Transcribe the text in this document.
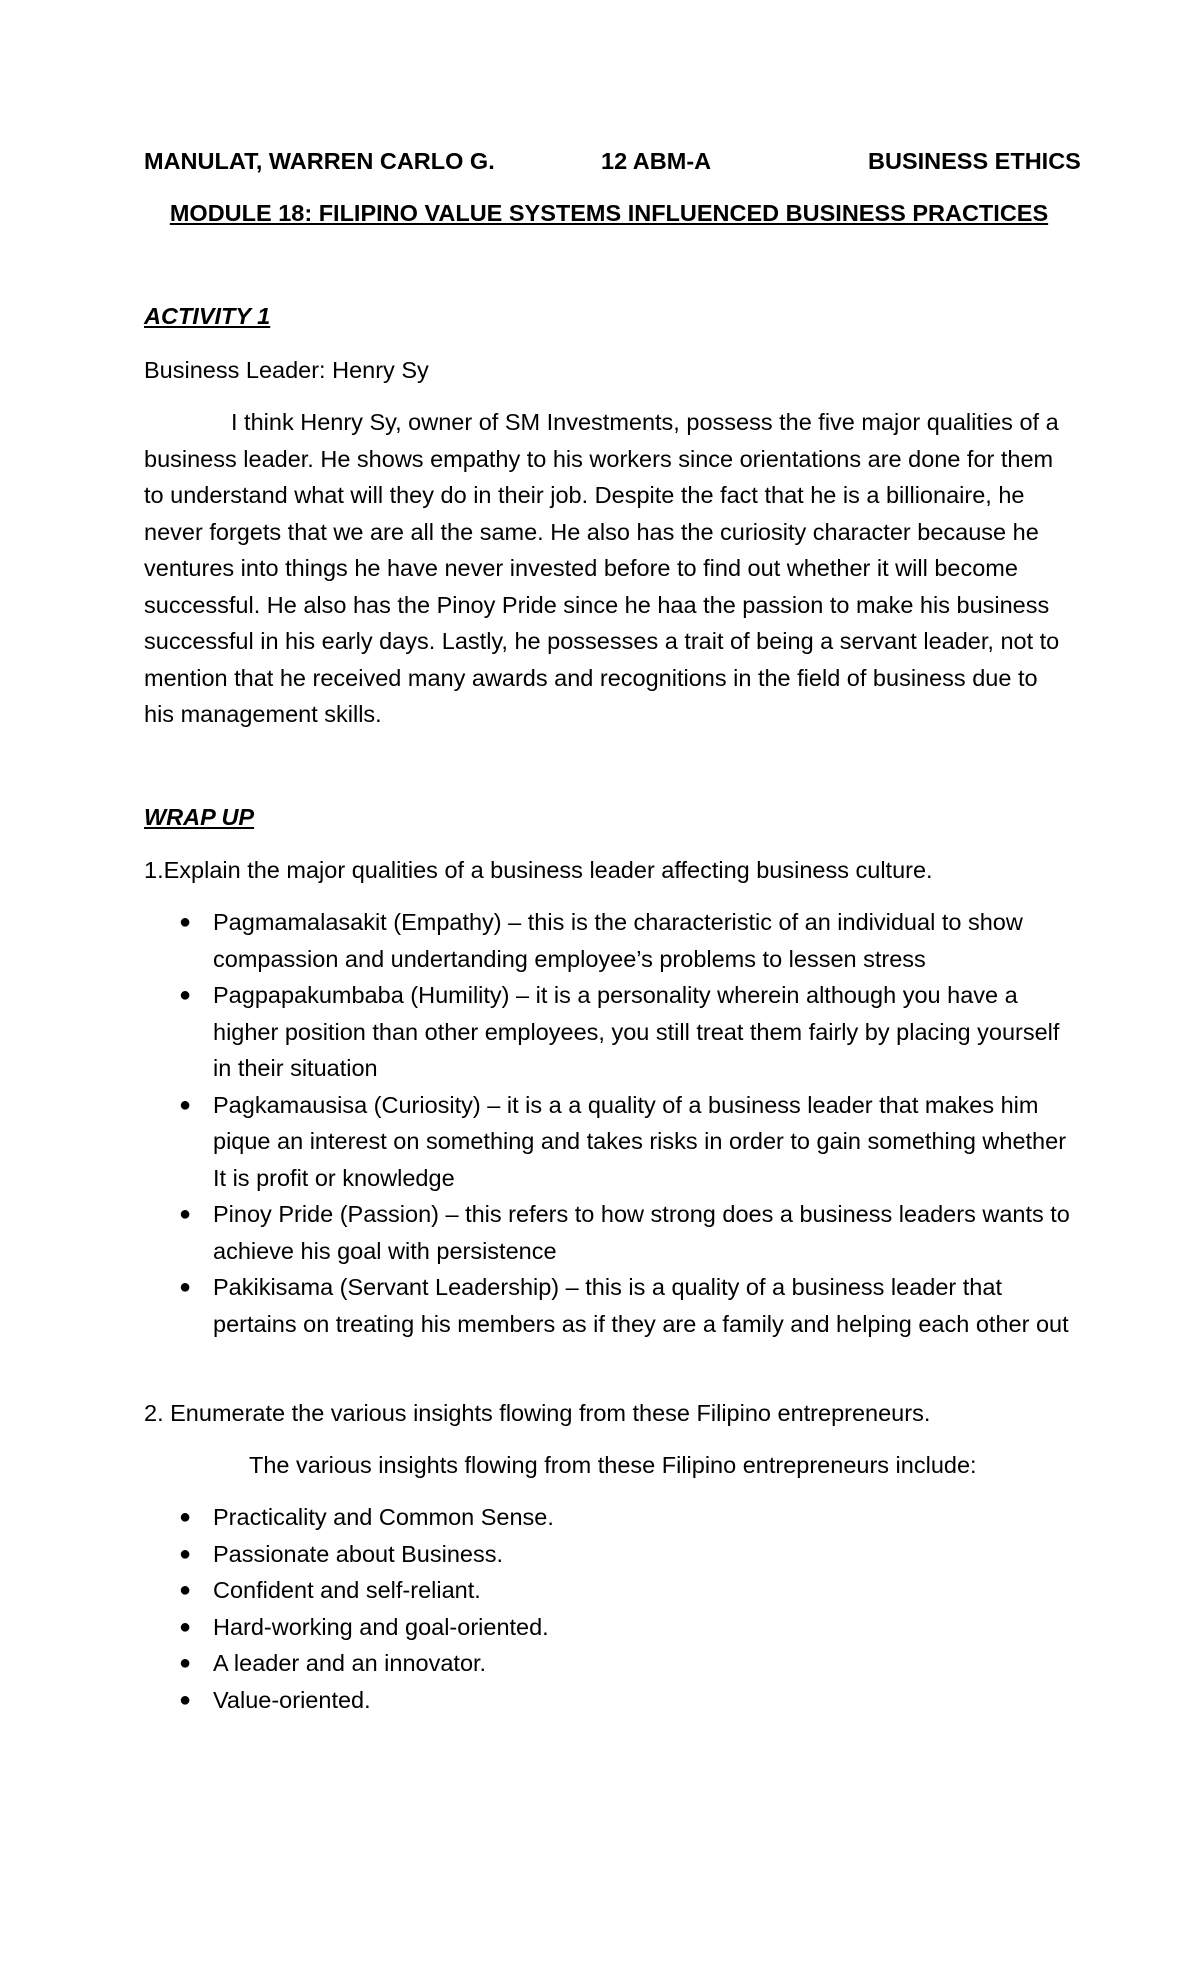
MANULAT, WARREN CARLO G.	12 ABM-A	BUSINESS ETHICS
MODULE 18: FILIPINO VALUE SYSTEMS INFLUENCED BUSINESS PRACTICES
ACTIVITY 1
Business Leader: Henry Sy

I think Henry Sy, owner of SM Investments, possess the five major qualities of a business leader. He shows empathy to his workers since orientations are done for them to understand what will they do in their job. Despite the fact that he is a billionaire, he never forgets that we are all the same. He also has the curiosity character because he ventures into things he have never invested before to find out whether it will become successful. He also has the Pinoy Pride since he haa the passion to make his business successful in his early days. Lastly, he possesses a trait of being a servant leader, not to mention that he received many awards and recognitions in the field of business due to his management skills.

WRAP UP
1.Explain the major qualities of a business leader affecting business culture.
● Pagmamalasakit (Empathy) – this is the characteristic of an individual to show compassion and undertanding employee’s problems to lessen stress
● Pagpapakumbaba (Humility) – it is a personality wherein although you have a higher position than other employees, you still treat them fairly by placing yourself in their situation
● Pagkamausisa (Curiosity) – it is a a quality of a business leader that makes him pique an interest on something and takes risks in order to gain something whether It is profit or knowledge
● Pinoy Pride (Passion) – this refers to how strong does a business leaders wants to achieve his goal with persistence
● Pakikisama (Servant Leadership) – this is a quality of a business leader that pertains on treating his members as if they are a family and helping each other out
2. Enumerate the various insights flowing from these Filipino entrepreneurs.
The various insights flowing from these Filipino entrepreneurs include:
● Practicality and Common Sense.
● Passionate about Business.
● Confident and self-reliant.
● Hard-working and goal-oriented.
● A leader and an innovator.
● Value-oriented.
